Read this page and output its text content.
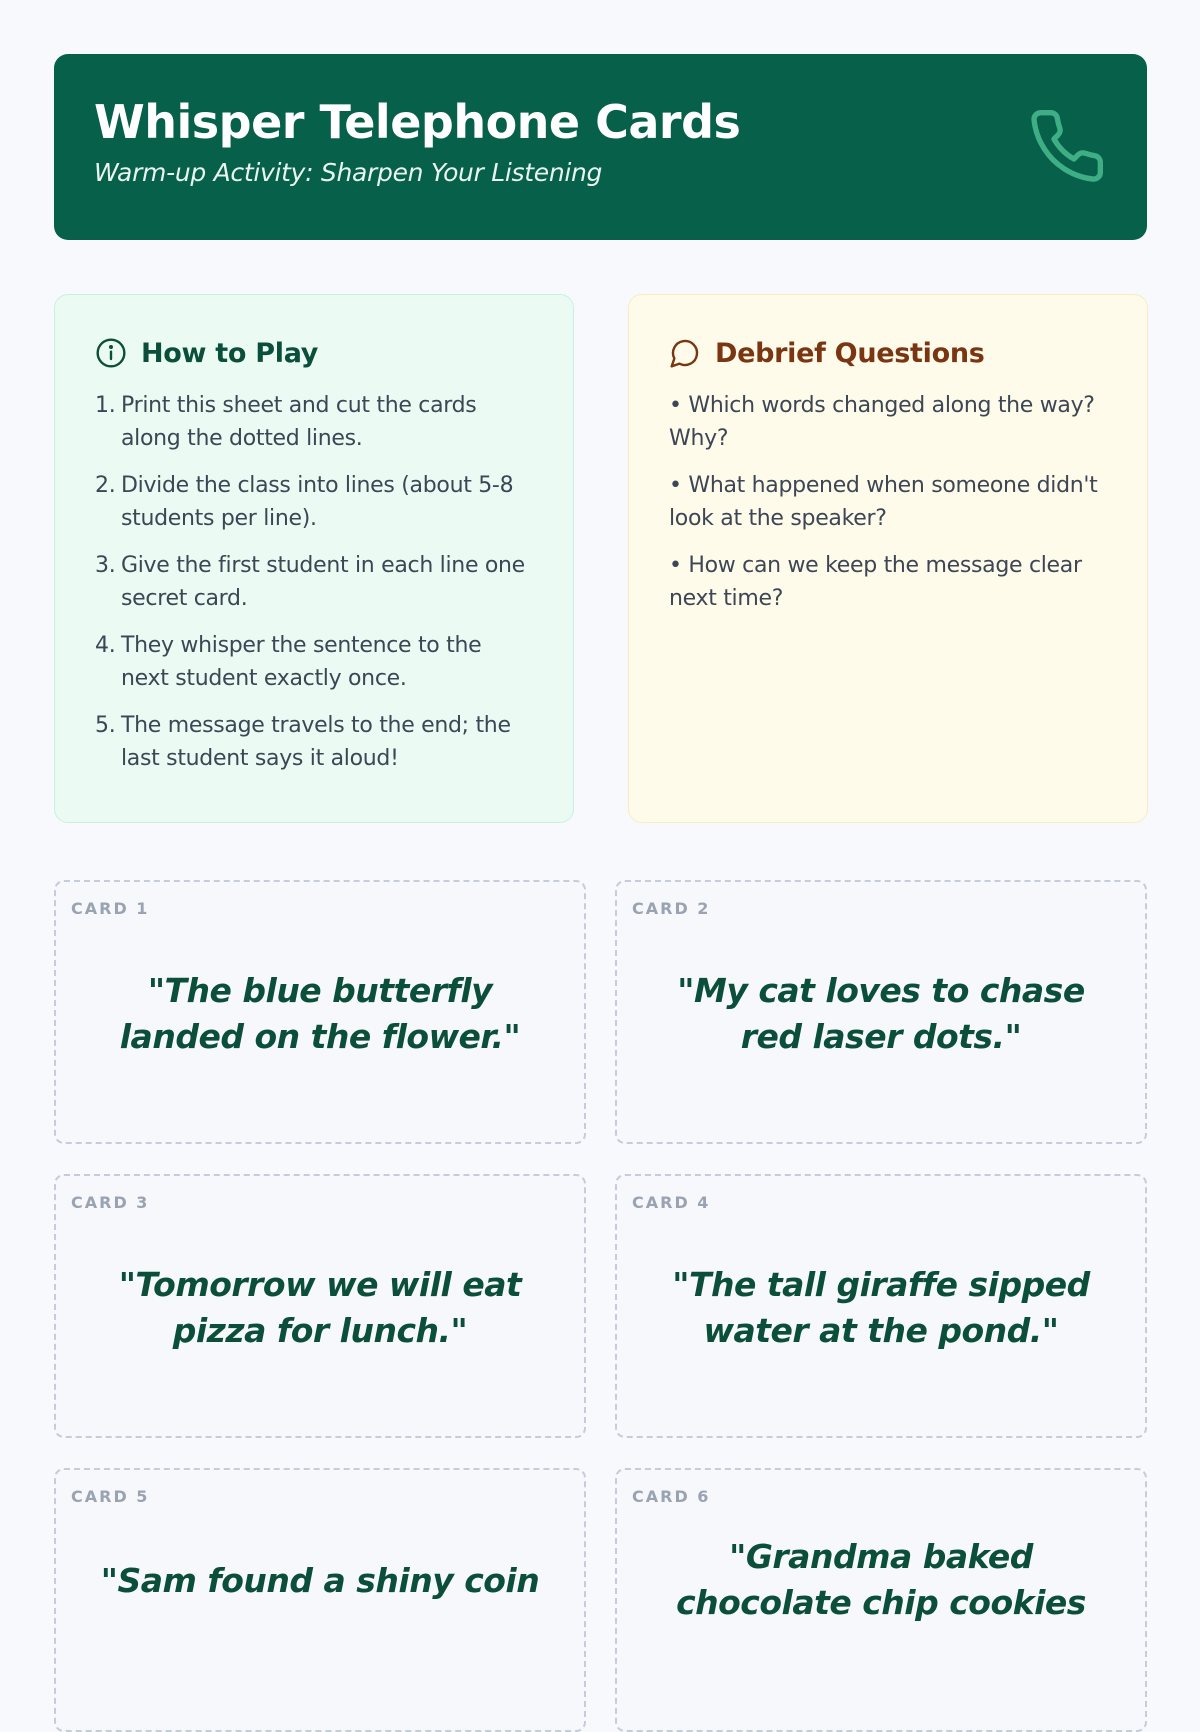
Whisper Telephone Cards
Warm-up Activity: Sharpen Your Listening
How to Play
1. Print this sheet and cut the cards along the dotted lines.
2. Divide the class into lines (about 5-8 students per line).
3. Give the first student in each line one secret card.
4. They whisper the sentence to the next student exactly once.
5. The message travels to the end; the last student says it aloud!
Debrief Questions
• Which words changed along the way? Why?
• What happened when someone didn't look at the speaker?
• How can we keep the message clear next time?
CARD 1
"The blue butterfly landed on the flower."
CARD 2
"My cat loves to chase red laser dots."
CARD 3
"Tomorrow we will eat pizza for lunch."
CARD 4
"The tall giraffe sipped water at the pond."
CARD 5
"Sam found a shiny coin
CARD 6
"Grandma baked chocolate chip cookies
